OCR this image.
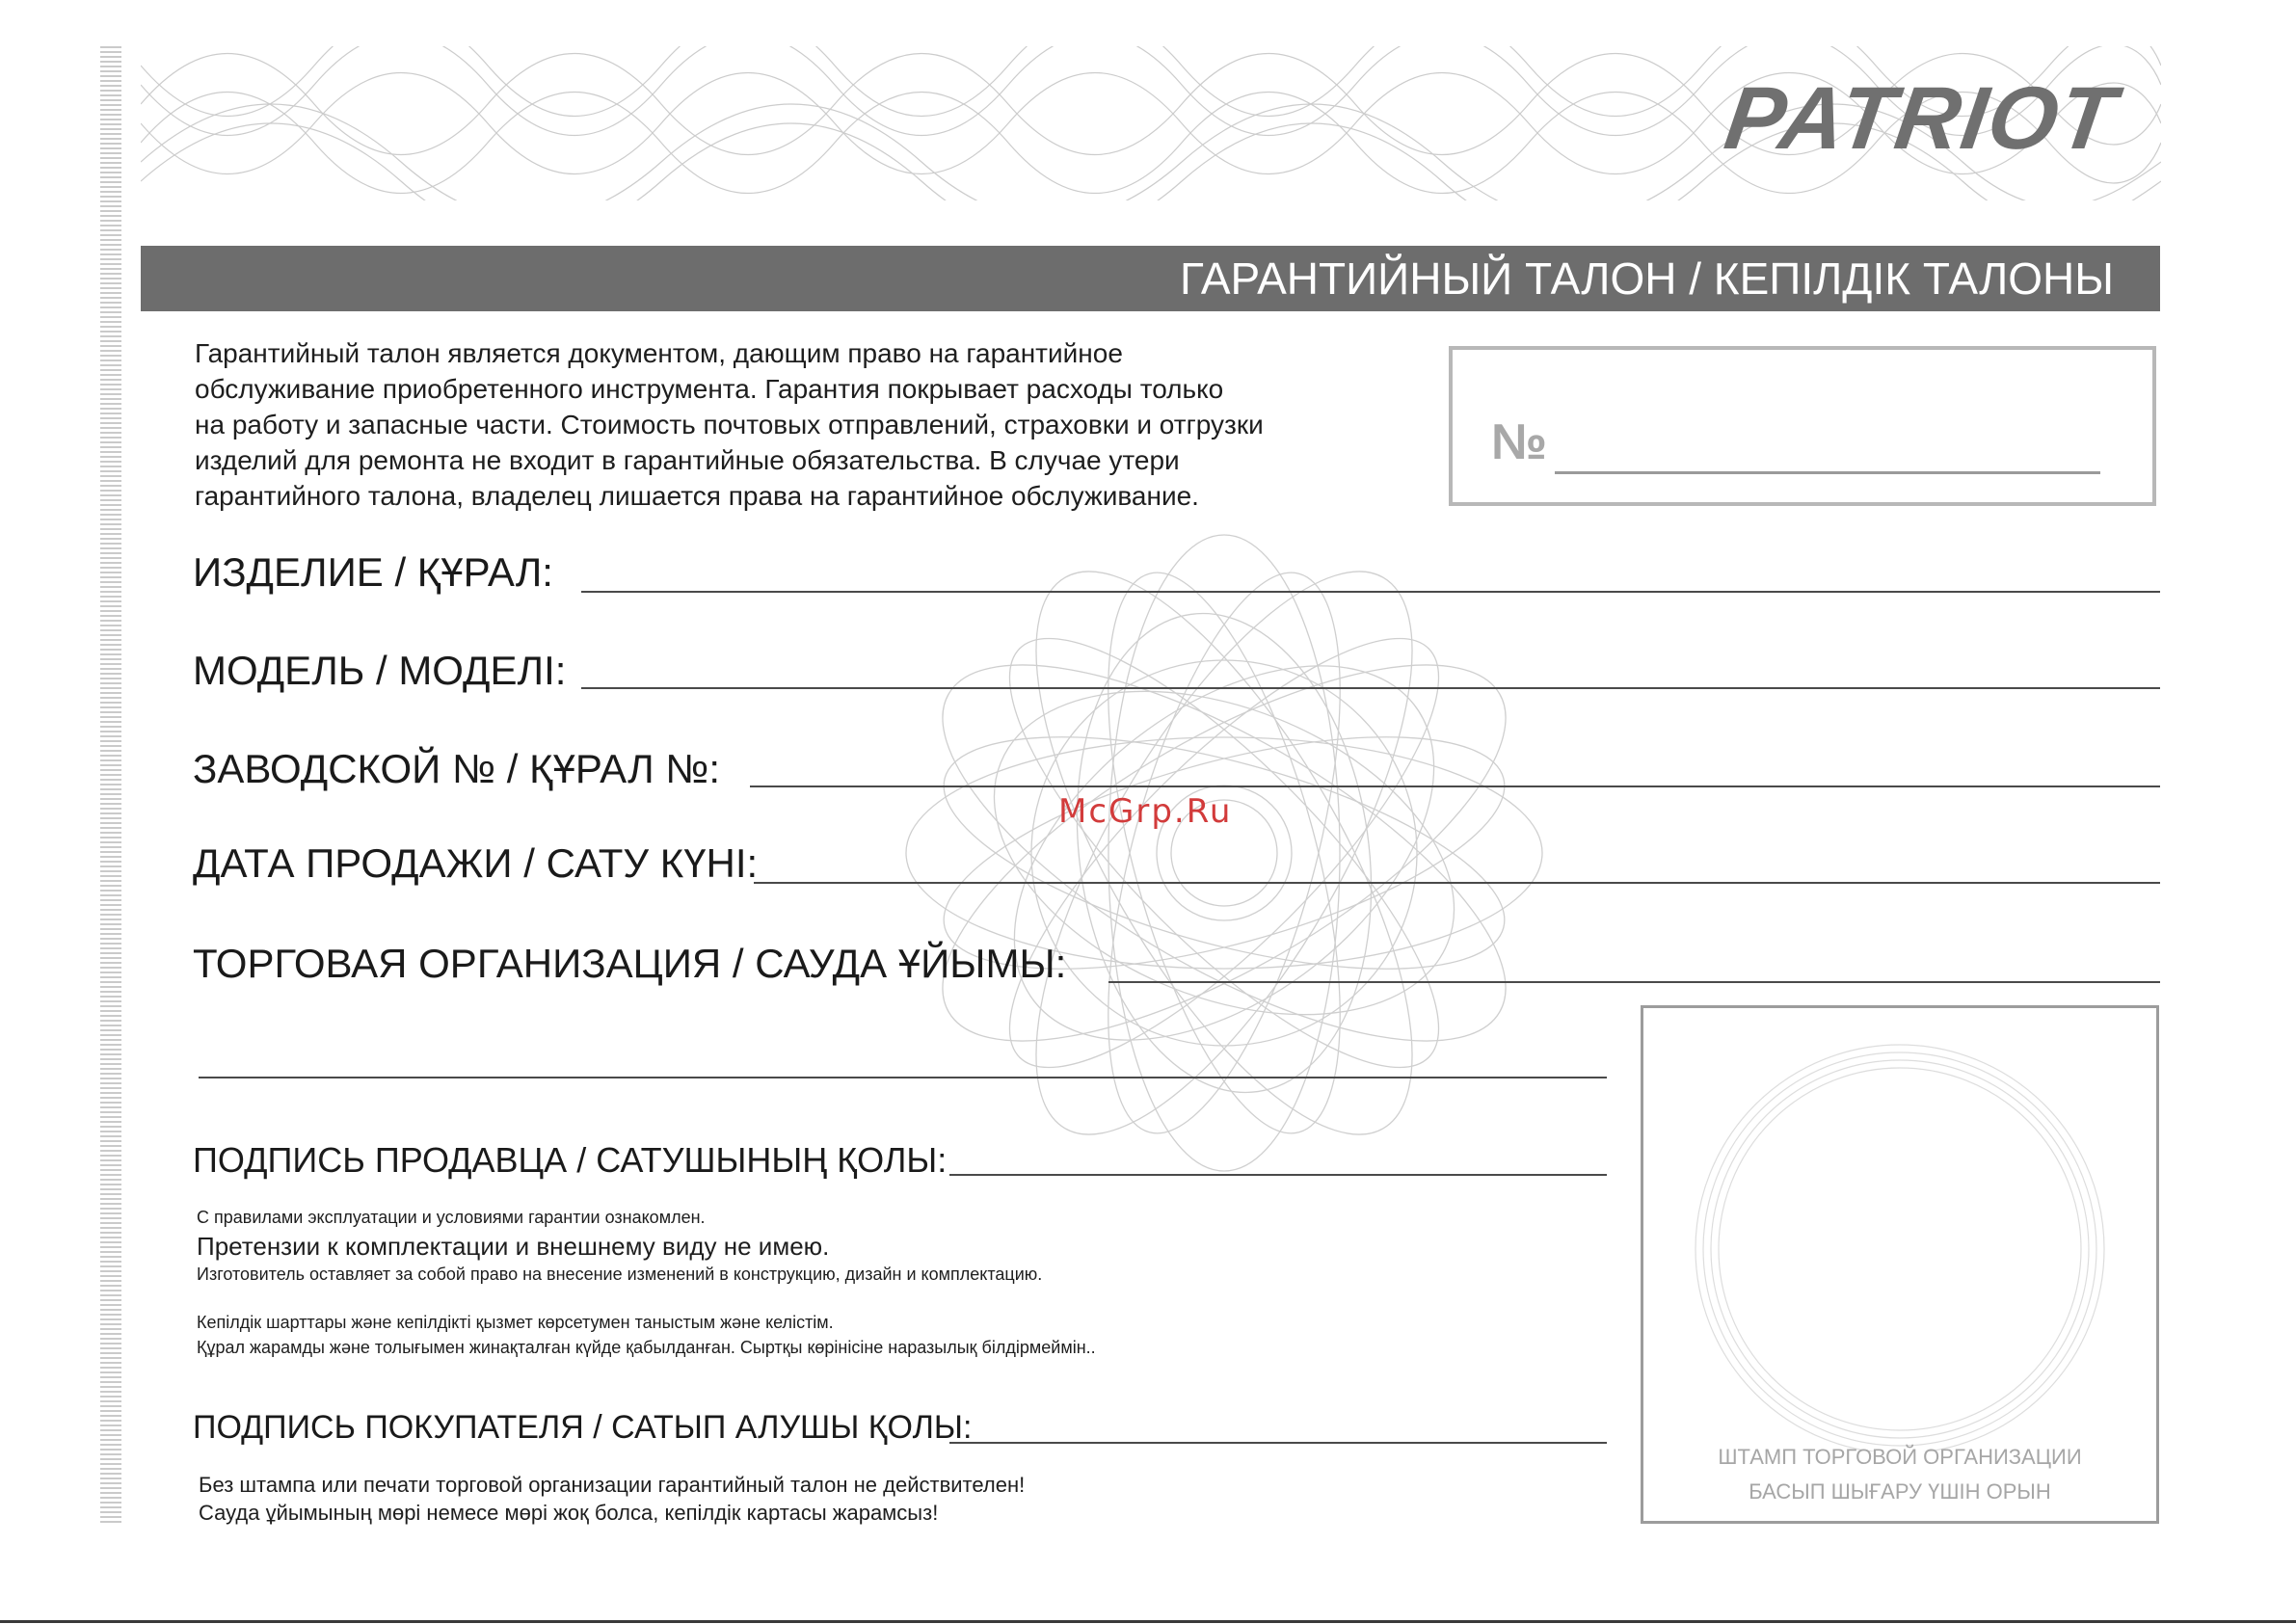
PATRIOT
ГАРАНТИЙНЫЙ ТАЛОН / КЕПІЛДІК ТАЛОНЫ
Гарантийный талон является документом, дающим право на гарантийное
обслуживание приобретенного инструмента. Гарантия покрывает расходы только
на работу и запасные части. Стоимость почтовых отправлений, страховки и отгрузки
изделий для ремонта не входит в гарантийные обязательства. В случае утери
гарантийного талона, владелец лишается права на гарантийное обслуживание.
№
McGrp.Ru
ИЗДЕЛИЕ / ҚҰРАЛ:
МОДЕЛЬ / МОДЕЛІ:
ЗАВОДСКОЙ № / ҚҰРАЛ №:
ДАТА ПРОДАЖИ / САТУ КҮНІ:
ТОРГОВАЯ ОРГАНИЗАЦИЯ / САУДА ҰЙЫМЫ:
ПОДПИСЬ ПРОДАВЦА / САТУШЫНЫҢ ҚОЛЫ:
С правилами эксплуатации и условиями гарантии ознакомлен.
Претензии к комплектации и внешнему виду не имею.
Изготовитель оставляет за собой право на внесение изменений в конструкцию, дизайн и комплектацию.
Кепілдік шарттары және кепілдікті қызмет көрсетумен таныстым және келістім.
Құрал жарамды және толығымен жинақталған күйде қабылданған. Сыртқы көрінісіне наразылық білдірмеймін..
ПОДПИСЬ ПОКУПАТЕЛЯ / САТЫП АЛУШЫ ҚОЛЫ:
Без штампа или печати торговой организации гарантийный талон не действителен!
Сауда ұйымының мөрі немесе мөрі жоқ болса, кепілдік картасы жарамсыз!
ШТАМП ТОРГОВОЙ ОРГАНИЗАЦИИ
БАСЫП ШЫҒАРУ ҮШІН ОРЫН
